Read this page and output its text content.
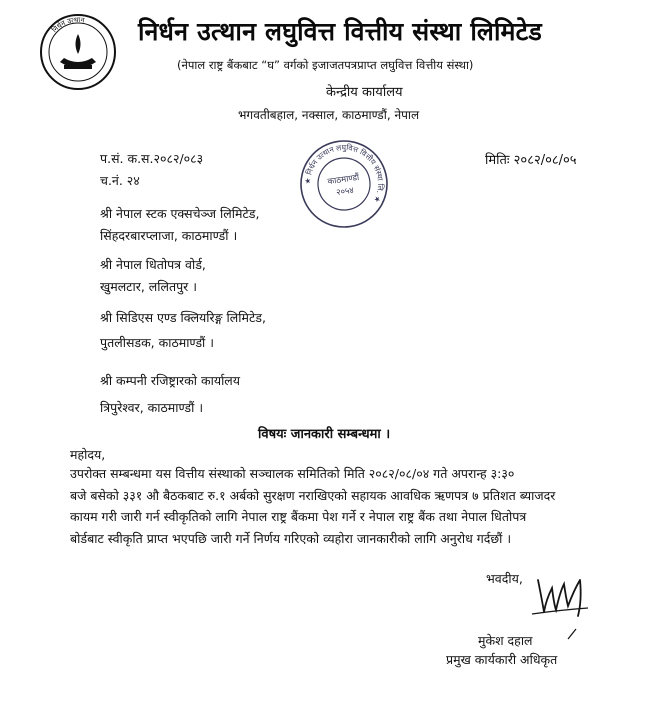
निर्धन उत्थान निर्धन उत्थान लघुवित्त वित्तीय संस्था लिमिटेड
(नेपाल राष्ट्र बैंकबाट “घ” वर्गको इजाजतपत्रप्राप्त लघुवित्त वित्तीय संस्था)
केन्द्रीय कार्यालय
भगवतीबहाल, नक्साल, काठमाण्डौं, नेपाल
प.सं. क.स.२०८२/०८३
च.नं. २४
मितिः २०८२/०८/०५
★ निर्धन उत्थान लघुवित्त वित्तीय संस्था लि. ★
काठमाण्डौं
२०५४
श्री नेपाल स्टक एक्सचेञ्ज लिमिटेड,
सिंहदरबारप्लाजा, काठमाण्डौं ।
श्री नेपाल धितोपत्र वोर्ड,
खुमलटार, ललितपुर ।
श्री सिडिएस एण्ड क्लियरिङ्ग लिमिटेड,
पुतलीसडक, काठमाण्डौं ।
श्री कम्पनी रजिष्ट्रारको कार्यालय
त्रिपुरेश्वर, काठमाण्डौं ।
विषयः जानकारी सम्बन्धमा ।
महोदय,
उपरोक्त सम्बन्धमा यस वित्तीय संस्थाको सञ्चालक समितिको मिति २०८२/०८/०४ गते अपरान्ह ३:३०
बजे बसेको ३३१ औ बैठकबाट रु.१ अर्बको सुरक्षण नराखिएको सहायक आवधिक ऋणपत्र ७ प्रतिशत ब्याजदर
कायम गरी जारी गर्न स्वीकृतिको लागि नेपाल राष्ट्र बैंकमा पेश गर्ने र नेपाल राष्ट्र बैंक तथा नेपाल धितोपत्र
बोर्डबाट स्वीकृति प्राप्त भएपछि जारी गर्ने निर्णय गरिएको व्यहोरा जानकारीको लागि अनुरोध गर्दछौं ।
भवदीय,
मुकेश दहाल
प्रमुख कार्यकारी अधिकृत
